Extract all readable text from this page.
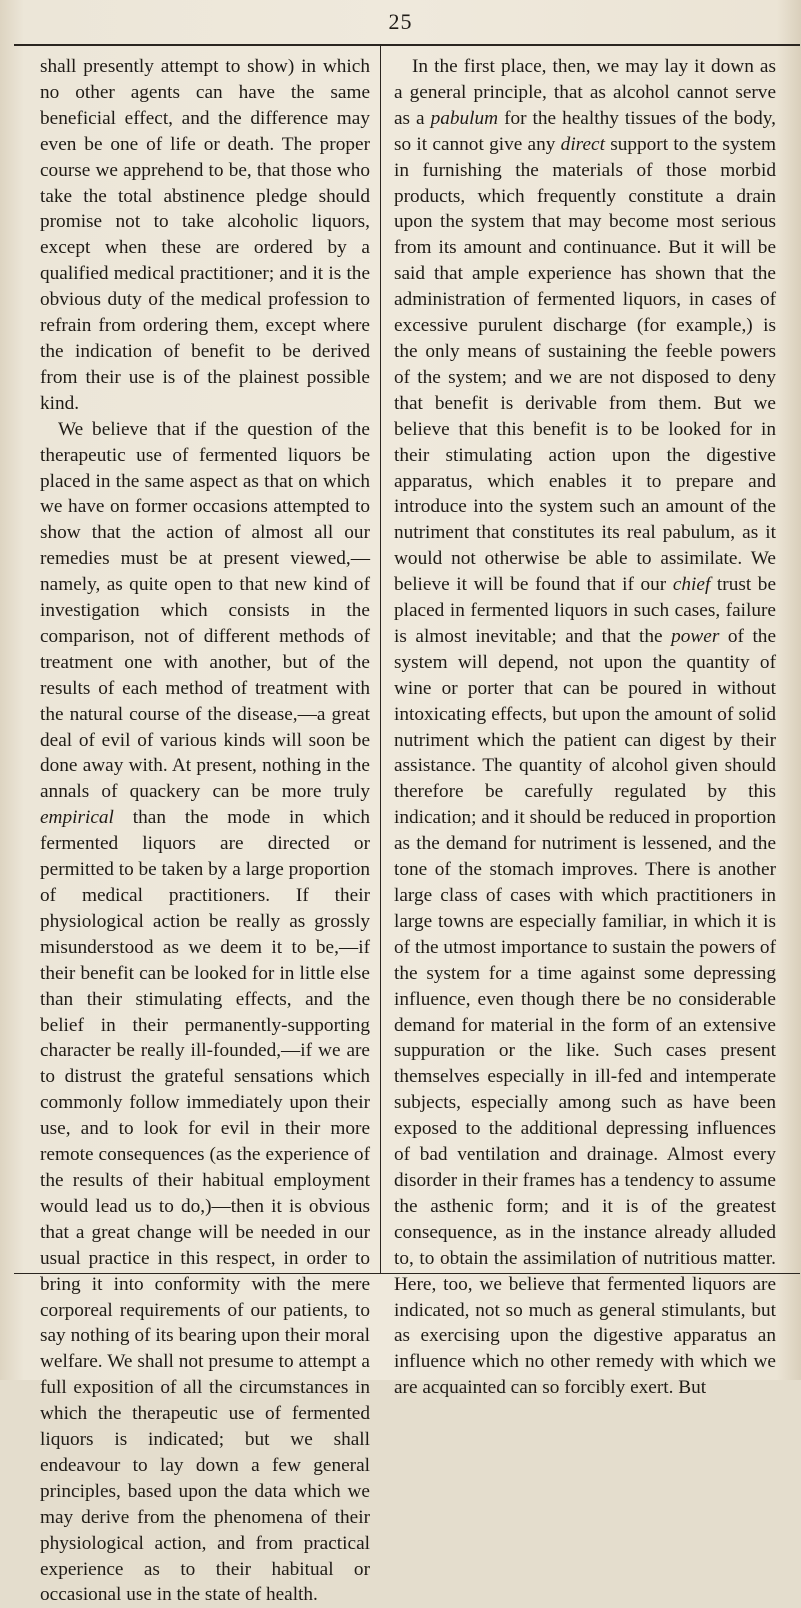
25

shall presently attempt to show) in which no other agents can have the same beneficial effect, and the difference may even be one of life or death. The proper course we apprehend to be, that those who take the total abstinence pledge should promise not to take alcoholic liquors, except when these are ordered by a qualified medical practitioner; and it is the obvious duty of the medical profession to refrain from ordering them, except where the indication of benefit to be derived from their use is of the plainest possible kind.

We believe that if the question of the therapeutic use of fermented liquors be placed in the same aspect as that on which we have on former occasions attempted to show that the action of almost all our remedies must be at present viewed,—namely, as quite open to that new kind of investigation which consists in the comparison, not of different methods of treatment one with another, but of the results of each method of treatment with the natural course of the disease,—a great deal of evil of various kinds will soon be done away with. At present, nothing in the annals of quackery can be more truly empirical than the mode in which fermented liquors are directed or permitted to be taken by a large proportion of medical practitioners. If their physiological action be really as grossly misunderstood as we deem it to be,—if their benefit can be looked for in little else than their stimulating effects, and the belief in their permanently-supporting character be really ill-founded,—if we are to distrust the grateful sensations which commonly follow immediately upon their use, and to look for evil in their more remote consequences (as the experience of the results of their habitual employment would lead us to do,)—then it is obvious that a great change will be needed in our usual practice in this respect, in order to bring it into conformity with the mere corporeal requirements of our patients, to say nothing of its bearing upon their moral welfare. We shall not presume to attempt a full exposition of all the circumstances in which the therapeutic use of fermented liquors is indicated; but we shall endeavour to lay down a few general principles, based upon the data which we may derive from the phenomena of their physiological action, and from practical experience as to their habitual or occasional use in the state of health.

In the first place, then, we may lay it down as a general principle, that as alcohol cannot serve as a pabulum for the healthy tissues of the body, so it cannot give any direct support to the system in furnishing the materials of those morbid products, which frequently constitute a drain upon the system that may become most serious from its amount and continuance. But it will be said that ample experience has shown that the administration of fermented liquors, in cases of excessive purulent discharge (for example,) is the only means of sustaining the feeble powers of the system; and we are not disposed to deny that benefit is derivable from them. But we believe that this benefit is to be looked for in their stimulating action upon the digestive apparatus, which enables it to prepare and introduce into the system such an amount of the nutriment that constitutes its real pabulum, as it would not otherwise be able to assimilate. We believe it will be found that if our chief trust be placed in fermented liquors in such cases, failure is almost inevitable; and that the power of the system will depend, not upon the quantity of wine or porter that can be poured in without intoxicating effects, but upon the amount of solid nutriment which the patient can digest by their assistance. The quantity of alcohol given should therefore be carefully regulated by this indication; and it should be reduced in proportion as the demand for nutriment is lessened, and the tone of the stomach improves. There is another large class of cases with which practitioners in large towns are especially familiar, in which it is of the utmost importance to sustain the powers of the system for a time against some depressing influence, even though there be no considerable demand for material in the form of an extensive suppuration or the like. Such cases present themselves especially in ill-fed and intemperate subjects, especially among such as have been exposed to the additional depressing influences of bad ventilation and drainage. Almost every disorder in their frames has a tendency to assume the asthenic form; and it is of the greatest consequence, as in the instance already alluded to, to obtain the assimilation of nutritious matter. Here, too, we believe that fermented liquors are indicated, not so much as general stimulants, but as exercising upon the digestive apparatus an influence which no other remedy with which we are acquainted can so forcibly exert. But
